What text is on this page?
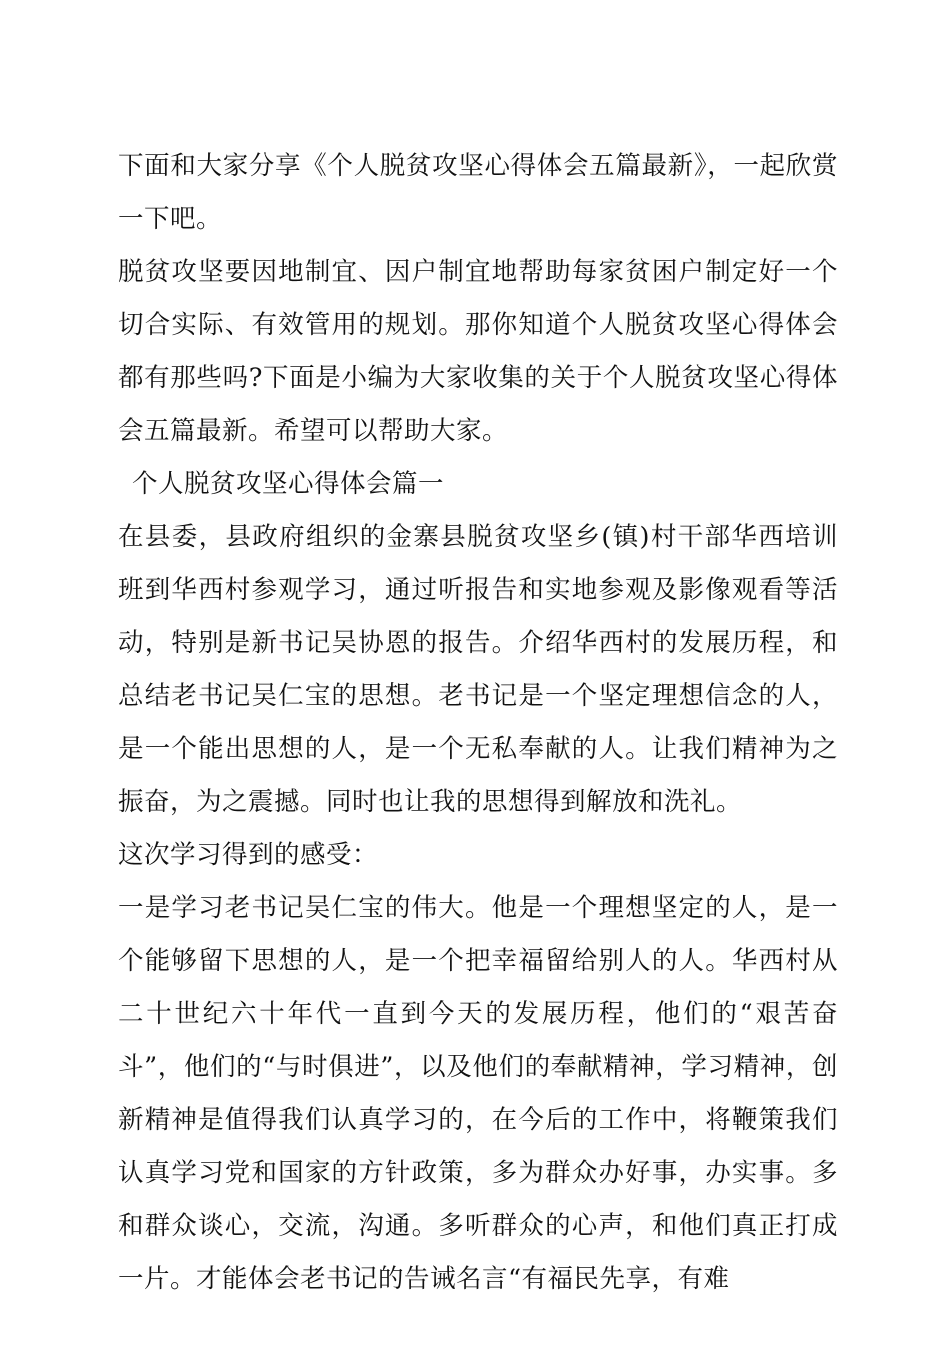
下面和大家分享《个人脱贫攻坚心得体会五篇最新》，一起欣赏一下吧。

脱贫攻坚要因地制宜、因户制宜地帮助每家贫困户制定好一个切合实际、有效管用的规划。那你知道个人脱贫攻坚心得体会都有那些吗?下面是小编为大家收集的关于个人脱贫攻坚心得体会五篇最新。希望可以帮助大家。

个人脱贫攻坚心得体会篇一

在县委，县政府组织的金寨县脱贫攻坚乡(镇)村干部华西培训班到华西村参观学习，通过听报告和实地参观及影像观看等活动，特别是新书记吴协恩的报告。介绍华西村的发展历程，和总结老书记吴仁宝的思想。老书记是一个坚定理想信念的人，是一个能出思想的人，是一个无私奉献的人。让我们精神为之振奋，为之震撼。同时也让我的思想得到解放和洗礼。

这次学习得到的感受：

一是学习老书记吴仁宝的伟大。他是一个理想坚定的人，是一个能够留下思想的人，是一个把幸福留给别人的人。华西村从二十世纪六十年代一直到今天的发展历程，他们的“艰苦奋斗”，他们的“与时俱进”，以及他们的奉献精神，学习精神，创新精神是值得我们认真学习的，在今后的工作中，将鞭策我们认真学习党和国家的方针政策，多为群众办好事，办实事。多和群众谈心，交流，沟通。多听群众的心声，和他们真正打成一片。才能体会老书记的告诫名言“有福民先享，有难
